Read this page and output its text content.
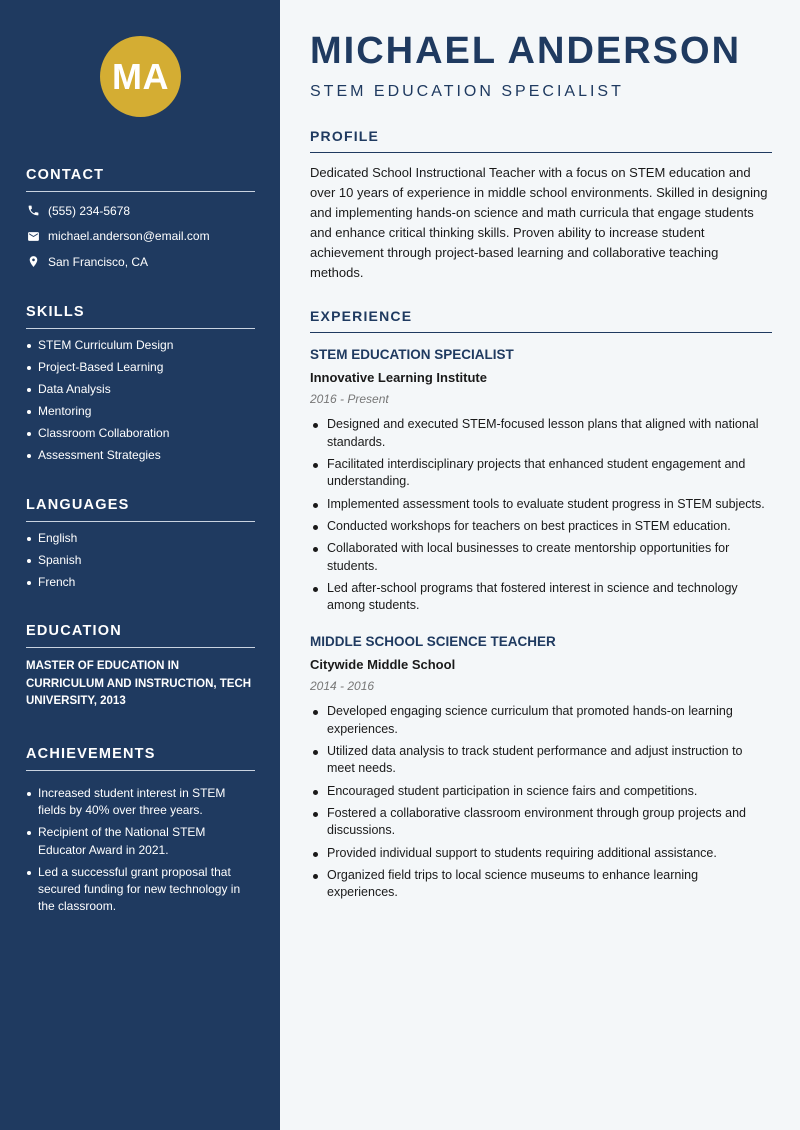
MA
CONTACT
(555) 234-5678
michael.anderson@email.com
San Francisco, CA
SKILLS
STEM Curriculum Design
Project-Based Learning
Data Analysis
Mentoring
Classroom Collaboration
Assessment Strategies
LANGUAGES
English
Spanish
French
EDUCATION
MASTER OF EDUCATION IN CURRICULUM AND INSTRUCTION, TECH UNIVERSITY, 2013
ACHIEVEMENTS
Increased student interest in STEM fields by 40% over three years.
Recipient of the National STEM Educator Award in 2021.
Led a successful grant proposal that secured funding for new technology in the classroom.
MICHAEL ANDERSON
STEM EDUCATION SPECIALIST
PROFILE
Dedicated School Instructional Teacher with a focus on STEM education and over 10 years of experience in middle school environments. Skilled in designing and implementing hands-on science and math curricula that engage students and enhance critical thinking skills. Proven ability to increase student achievement through project-based learning and collaborative teaching methods.
EXPERIENCE
STEM EDUCATION SPECIALIST
Innovative Learning Institute
2016 - Present
Designed and executed STEM-focused lesson plans that aligned with national standards.
Facilitated interdisciplinary projects that enhanced student engagement and understanding.
Implemented assessment tools to evaluate student progress in STEM subjects.
Conducted workshops for teachers on best practices in STEM education.
Collaborated with local businesses to create mentorship opportunities for students.
Led after-school programs that fostered interest in science and technology among students.
MIDDLE SCHOOL SCIENCE TEACHER
Citywide Middle School
2014 - 2016
Developed engaging science curriculum that promoted hands-on learning experiences.
Utilized data analysis to track student performance and adjust instruction to meet needs.
Encouraged student participation in science fairs and competitions.
Fostered a collaborative classroom environment through group projects and discussions.
Provided individual support to students requiring additional assistance.
Organized field trips to local science museums to enhance learning experiences.
